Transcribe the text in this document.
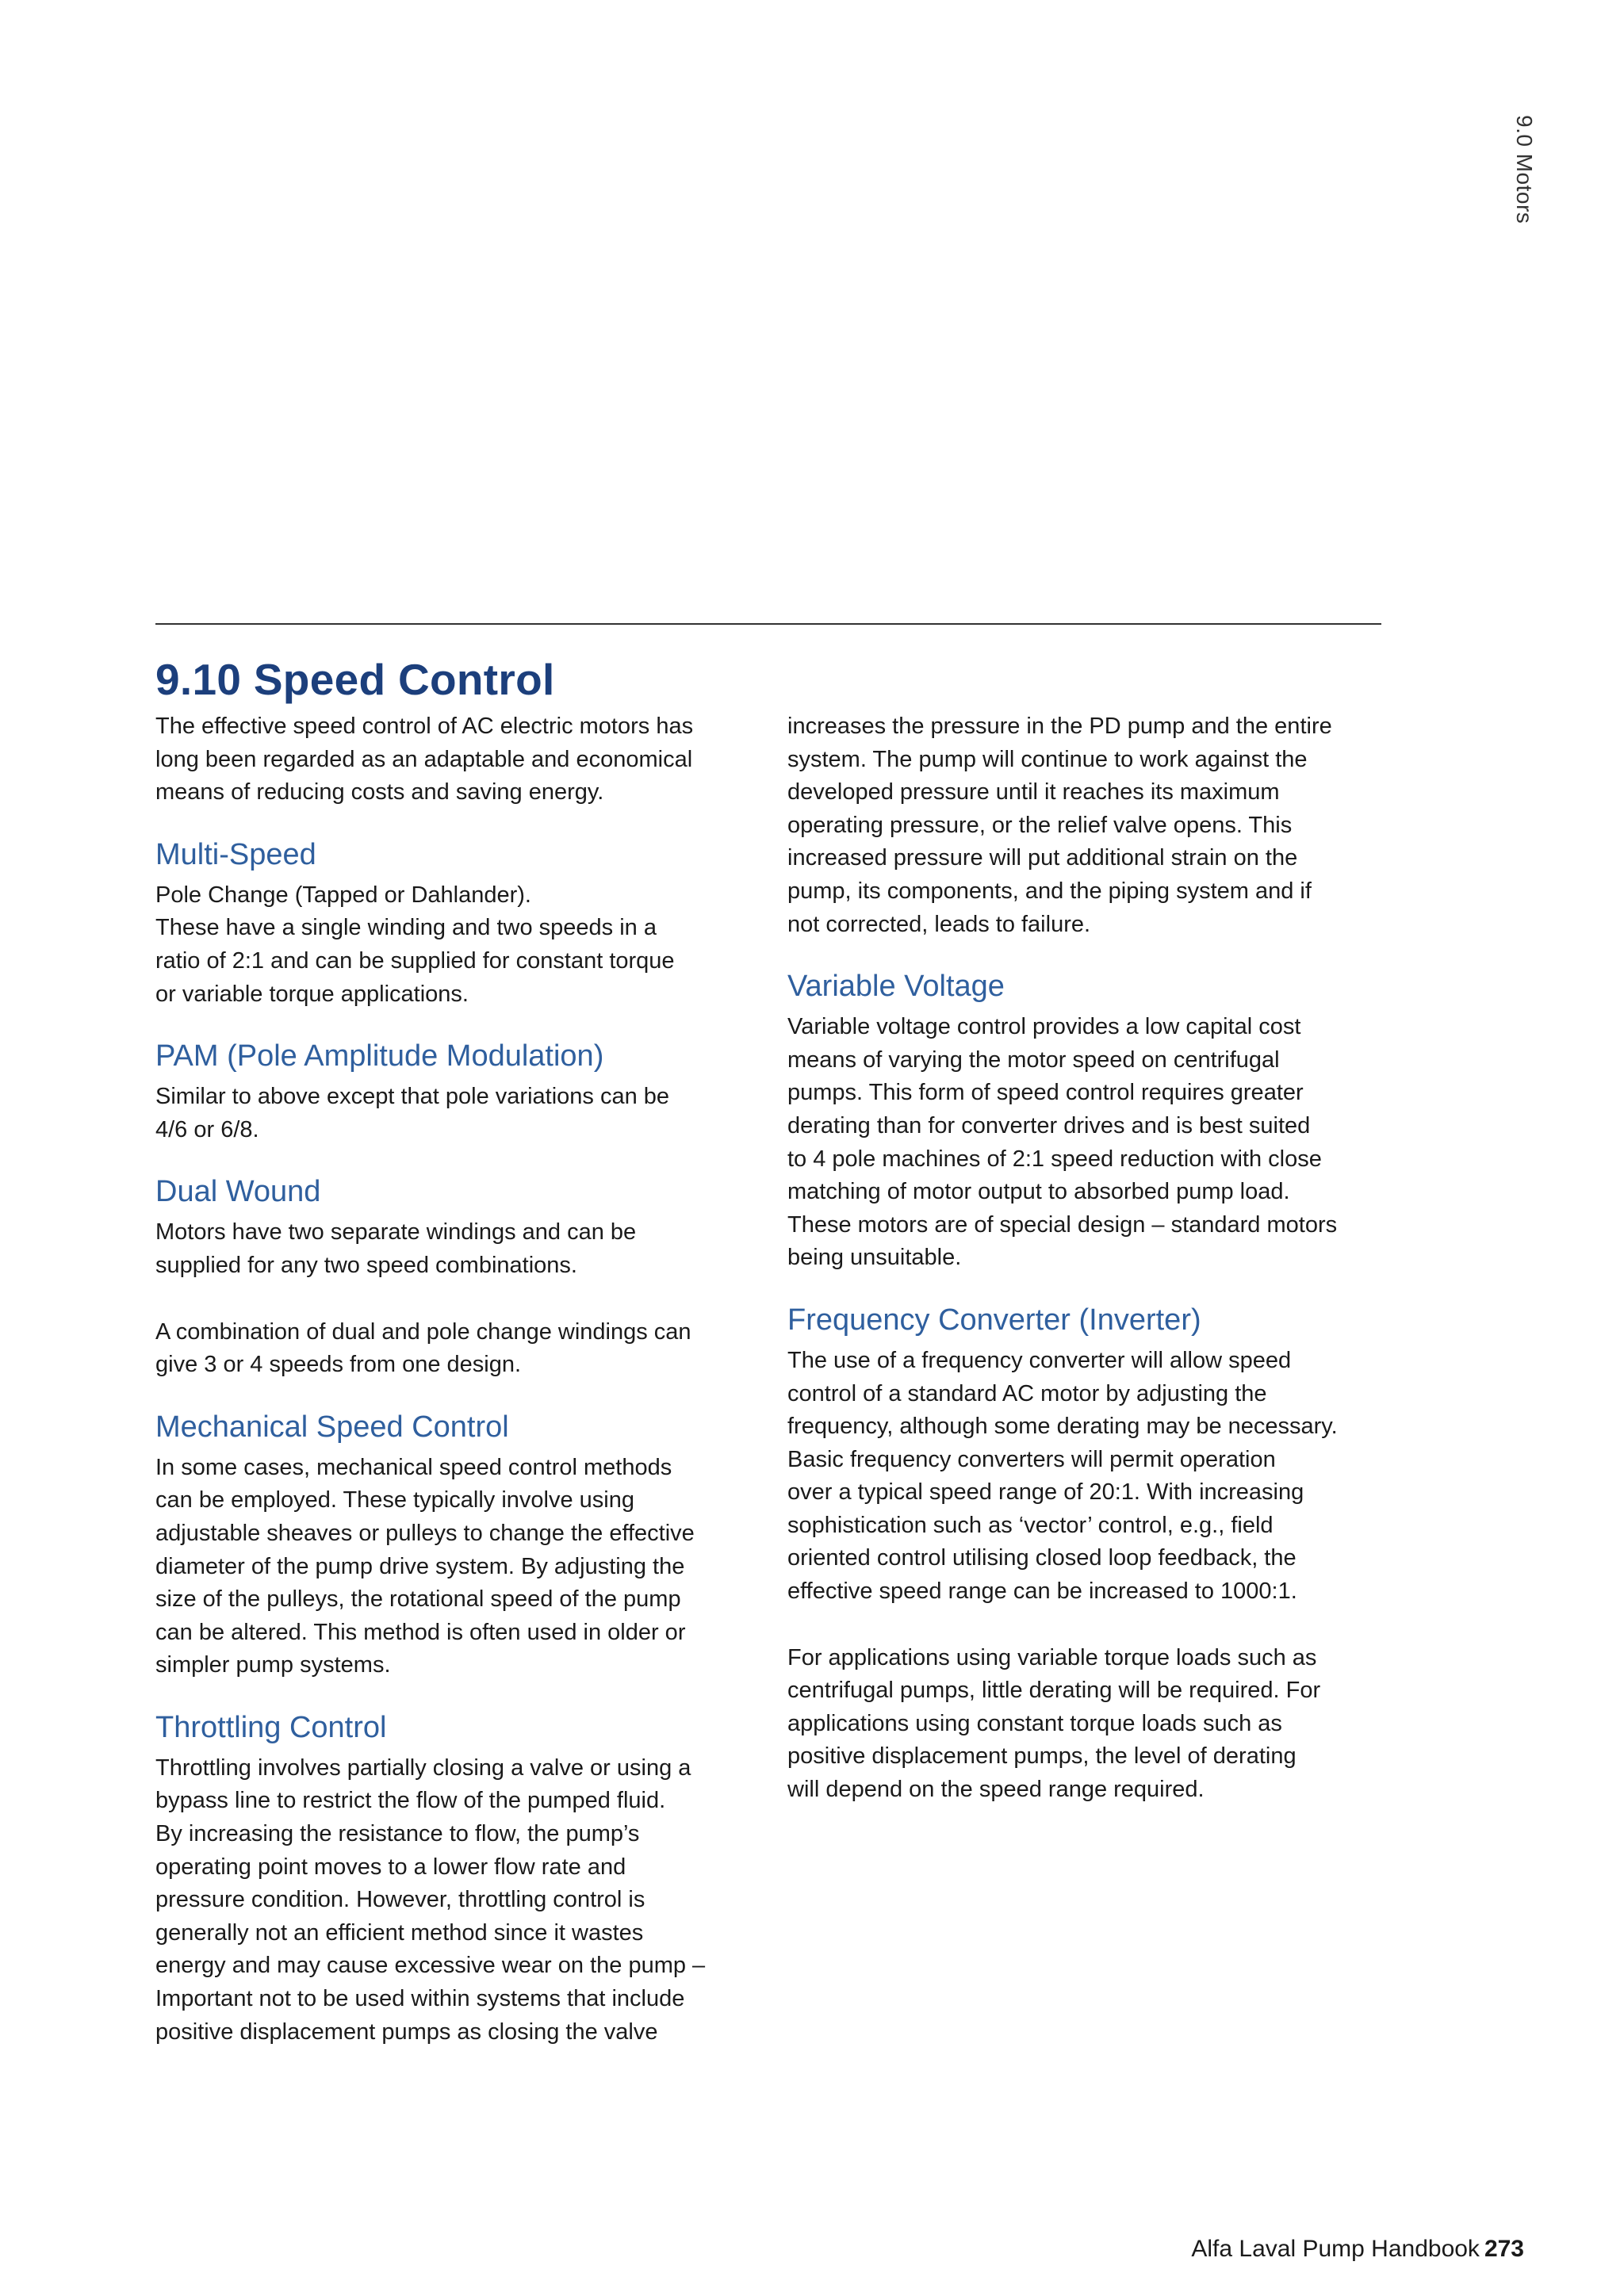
9.0 Motors
9.10 Speed Control

The effective speed control of AC electric motors has
long been regarded as an adaptable and economical
means of reducing costs and saving energy.

Multi-Speed

Pole Change (Tapped or Dahlander).
These have a single winding and two speeds in a
ratio of 2:1 and can be supplied for constant torque
or variable torque applications.

PAM (Pole Amplitude Modulation)

Similar to above except that pole variations can be
4/6 or 6/8.

Dual Wound

Motors have two separate windings and can be
supplied for any two speed combinations.

A combination of dual and pole change windings can
give 3 or 4 speeds from one design.

Mechanical Speed Control

In some cases, mechanical speed control methods
can be employed. These typically involve using
adjustable sheaves or pulleys to change the effective
diameter of the pump drive system. By adjusting the
size of the pulleys, the rotational speed of the pump
can be altered. This method is often used in older or
simpler pump systems.

Throttling Control

Throttling involves partially closing a valve or using a
bypass line to restrict the flow of the pumped fluid.
By increasing the resistance to flow, the pump’s
operating point moves to a lower flow rate and
pressure condition. However, throttling control is
generally not an efficient method since it wastes
energy and may cause excessive wear on the pump –
Important not to be used within systems that include
positive displacement pumps as closing the valve

increases the pressure in the PD pump and the entire
system. The pump will continue to work against the
developed pressure until it reaches its maximum
operating pressure, or the relief valve opens. This
increased pressure will put additional strain on the
pump, its components, and the piping system and if
not corrected, leads to failure.

Variable Voltage

Variable voltage control provides a low capital cost
means of varying the motor speed on centrifugal
pumps. This form of speed control requires greater
derating than for converter drives and is best suited
to 4 pole machines of 2:1 speed reduction with close
matching of motor output to absorbed pump load.
These motors are of special design – standard motors
being unsuitable.

Frequency Converter (Inverter)

The use of a frequency converter will allow speed
control of a standard AC motor by adjusting the
frequency, although some derating may be necessary.
Basic frequency converters will permit operation
over a typical speed range of 20:1. With increasing
sophistication such as ‘vector’ control, e.g., field
oriented control utilising closed loop feedback, the
effective speed range can be increased to 1000:1.

For applications using variable torque loads such as
centrifugal pumps, little derating will be required. For
applications using constant torque loads such as
positive displacement pumps, the level of derating
will depend on the speed range required.

Alfa Laval Pump Handbook 273
